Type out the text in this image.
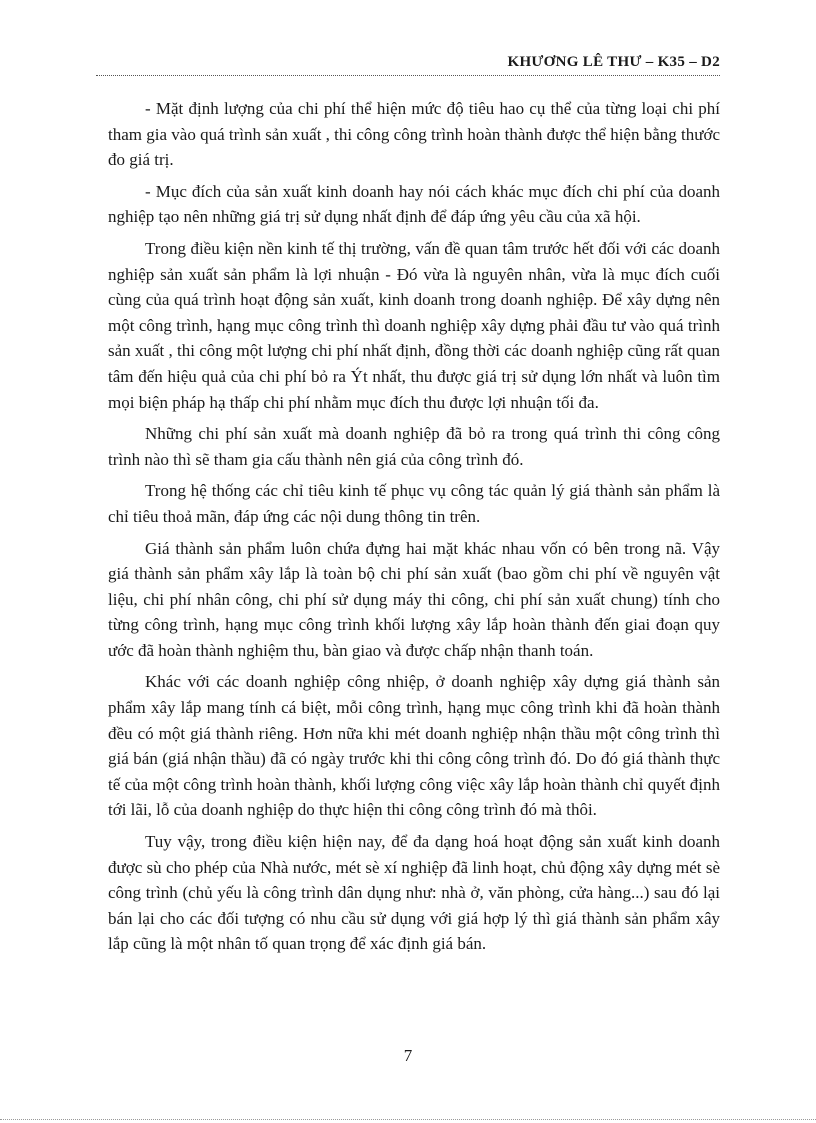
KHƯƠNG LÊ THƯ – K35 – D2

- Mặt định lượng của chi phí thể hiện mức độ tiêu hao cụ thể của từng loại chi phí tham gia vào quá trình sản xuất , thi công công trình hoàn thành được thể hiện bằng thước đo giá trị.

- Mục đích của sản xuất kinh doanh hay nói cách khác mục đích chi phí của doanh nghiệp tạo nên những giá trị sử dụng nhất định để đáp ứng yêu cầu của xã hội.

Trong điều kiện nền kinh tế thị trường, vấn đề quan tâm trước hết đối với các doanh nghiệp sản xuất sản phẩm là lợi nhuận - Đó vừa là nguyên nhân, vừa là mục đích cuối cùng của quá trình hoạt động sản xuất, kinh doanh trong doanh nghiệp. Để xây dựng nên một công trình, hạng mục công trình thì doanh nghiệp xây dựng phải đầu tư vào quá trình sản xuất , thi công một lượng chi phí nhất định, đồng thời các doanh nghiệp cũng rất quan tâm đến hiệu quả của chi phí bỏ ra Ýt nhất, thu được giá trị sử dụng lớn nhất và luôn tìm mọi biện pháp hạ thấp chi phí nhằm mục đích thu được lợi nhuận tối đa.

Những chi phí sản xuất mà doanh nghiệp đã bỏ ra trong quá trình thi công công trình nào thì sẽ tham gia cấu thành nên giá của công trình đó.

Trong hệ thống các chỉ tiêu kinh tế phục vụ công tác quản lý giá thành sản phẩm là chỉ tiêu thoả mãn, đáp ứng các nội dung thông tin trên.

Giá thành sản phẩm luôn chứa đựng hai mặt khác nhau vốn có bên trong nã. Vậy giá thành sản phẩm xây lắp là toàn bộ chi phí sản xuất (bao gồm chi phí về nguyên vật liệu, chi phí nhân công, chi phí sử dụng máy thi công, chi phí sản xuất chung) tính cho từng công trình, hạng mục công trình khối lượng xây lắp hoàn thành đến giai đoạn quy ước đã hoàn thành nghiệm thu, bàn giao và được chấp nhận thanh toán.

Khác với các doanh nghiệp công nhiệp, ở doanh nghiệp xây dựng giá thành sản phẩm xây lắp mang tính cá biệt, mỗi công trình, hạng mục công trình khi đã hoàn thành đều có một giá thành riêng. Hơn nữa khi mét doanh nghiệp nhận thầu một công trình thì giá bán (giá nhận thầu) đã có ngày trước khi thi công công trình đó. Do đó giá thành thực tế của một công trình hoàn thành, khối lượng công việc xây lắp hoàn thành chỉ quyết định tới lãi, lỗ của doanh nghiệp do thực hiện thi công công trình đó mà thôi.

Tuy vậy, trong điều kiện hiện nay, để đa dạng hoá hoạt động sản xuất kinh doanh được sù cho phép của Nhà nước, mét sè xí nghiệp đã linh hoạt, chủ động xây dựng mét sè công trình (chủ yếu là công trình dân dụng như: nhà ở, văn phòng, cửa hàng...) sau đó lại bán lại cho các đối tượng có nhu cầu sử dụng với giá hợp lý thì giá thành sản phẩm xây lắp cũng là một nhân tố quan trọng để xác định giá bán.

7
